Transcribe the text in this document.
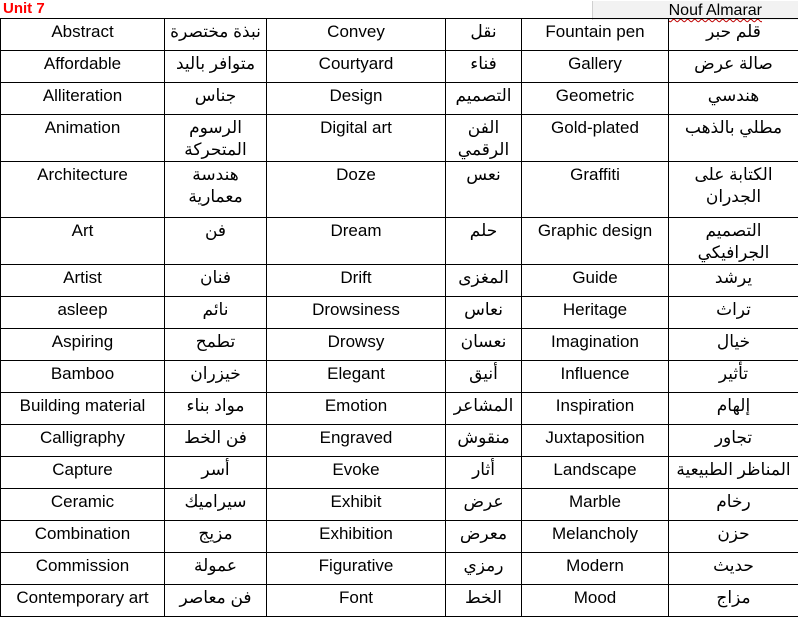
Unit 7	Nouf Almarar
Abstract	نبذة مختصرة	Convey	نقل	Fountain pen	قلم حبر
Affordable	متوافر باليد	Courtyard	فناء	Gallery	صالة عرض
Alliteration	جناس	Design	التصميم	Geometric	هندسي
Animation	الرسوم المتحركة	Digital art	الفن الرقمي	Gold-plated	مطلي بالذهب
Architecture	هندسة معمارية	Doze	نعس	Graffiti	الكتابة على الجدران
Art	فن	Dream	حلم	Graphic design	التصميم الجرافيكي
Artist	فنان	Drift	المغزى	Guide	يرشد
asleep	نائم	Drowsiness	نعاس	Heritage	تراث
Aspiring	تطمح	Drowsy	نعسان	Imagination	خيال
Bamboo	خيزران	Elegant	أنيق	Influence	تأثير
Building material	مواد بناء	Emotion	المشاعر	Inspiration	إلهام
Calligraphy	فن الخط	Engraved	منقوش	Juxtaposition	تجاور
Capture	أسر	Evoke	أثار	Landscape	المناظر الطبيعية
Ceramic	سيراميك	Exhibit	عرض	Marble	رخام
Combination	مزيج	Exhibition	معرض	Melancholy	حزن
Commission	عمولة	Figurative	رمزي	Modern	حديث
Contemporary art	فن معاصر	Font	الخط	Mood	مزاج
